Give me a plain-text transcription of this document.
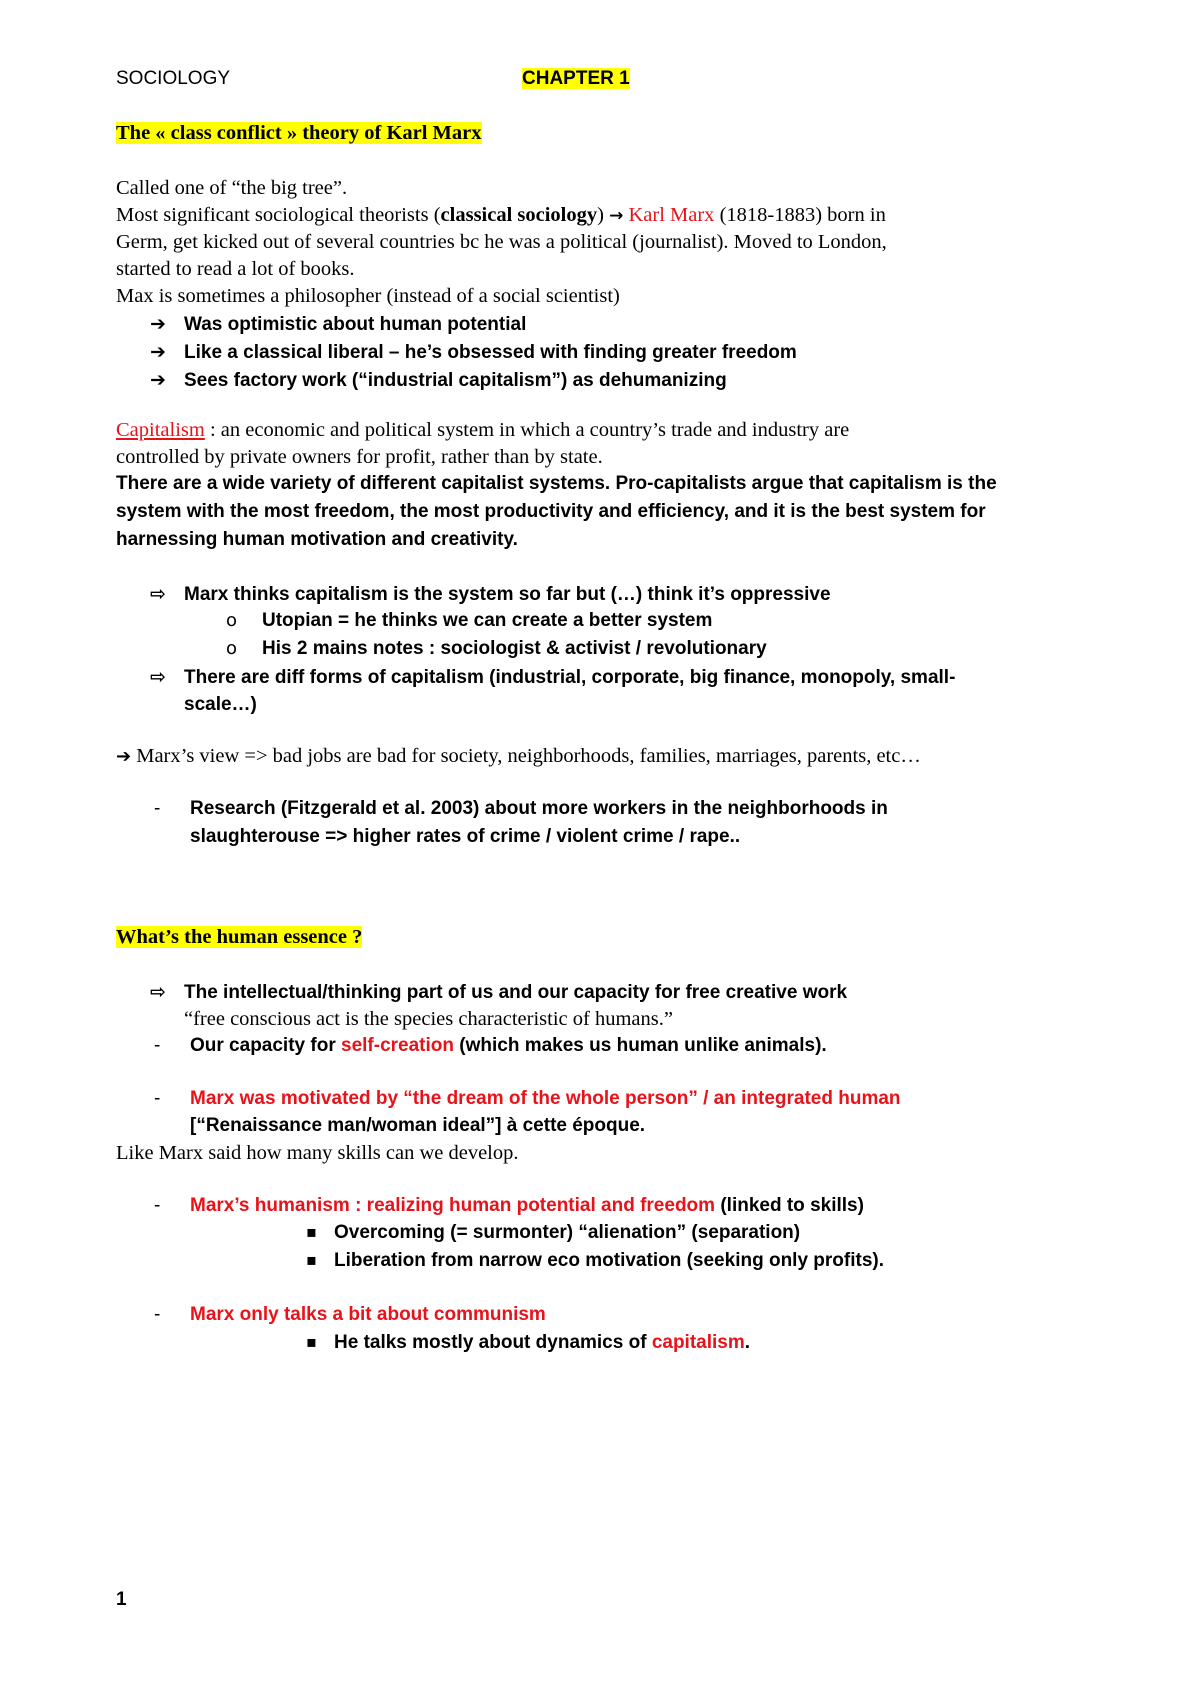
SOCIOLOGY	CHAPTER 1
The « class conflict » theory of Karl Marx
Called one of “the big tree”.
Most significant sociological theorists (classical sociology) → Karl Marx (1818-1883) born in
Germ, get kicked out of several countries bc he was a political (journalist). Moved to London,
started to read a lot of books.
Max is sometimes a philosopher (instead of a social scientist)
➔ Was optimistic about human potential
➔ Like a classical liberal – he’s obsessed with finding greater freedom
➔ Sees factory work (“industrial capitalism”) as dehumanizing
Capitalism : an economic and political system in which a country’s trade and industry are
controlled by private owners for profit, rather than by state.
There are a wide variety of different capitalist systems. Pro-capitalists argue that capitalism is the
system with the most freedom, the most productivity and efficiency, and it is the best system for
harnessing human motivation and creativity.
⇨ Marx thinks capitalism is the system so far but (…) think it’s oppressive
o Utopian = he thinks we can create a better system
o His 2 mains notes : sociologist & activist / revolutionary
⇨ There are diff forms of capitalism (industrial, corporate, big finance, monopoly, small-
scale…)
➔ Marx’s view => bad jobs are bad for society, neighborhoods, families, marriages, parents, etc…
- Research (Fitzgerald et al. 2003) about more workers in the neighborhoods in
slaughterouse => higher rates of crime / violent crime / rape..
What’s the human essence ?
⇨ The intellectual/thinking part of us and our capacity for free creative work
“free conscious act is the species characteristic of humans.”
- Our capacity for self-creation (which makes us human unlike animals).
- Marx was motivated by “the dream of the whole person” / an integrated human
[“Renaissance man/woman ideal”] à cette époque.
Like Marx said how many skills can we develop.
- Marx’s humanism : realizing human potential and freedom (linked to skills)
▪ Overcoming (= surmonter) “alienation” (separation)
▪ Liberation from narrow eco motivation (seeking only profits).
- Marx only talks a bit about communism
▪ He talks mostly about dynamics of capitalism.
1
